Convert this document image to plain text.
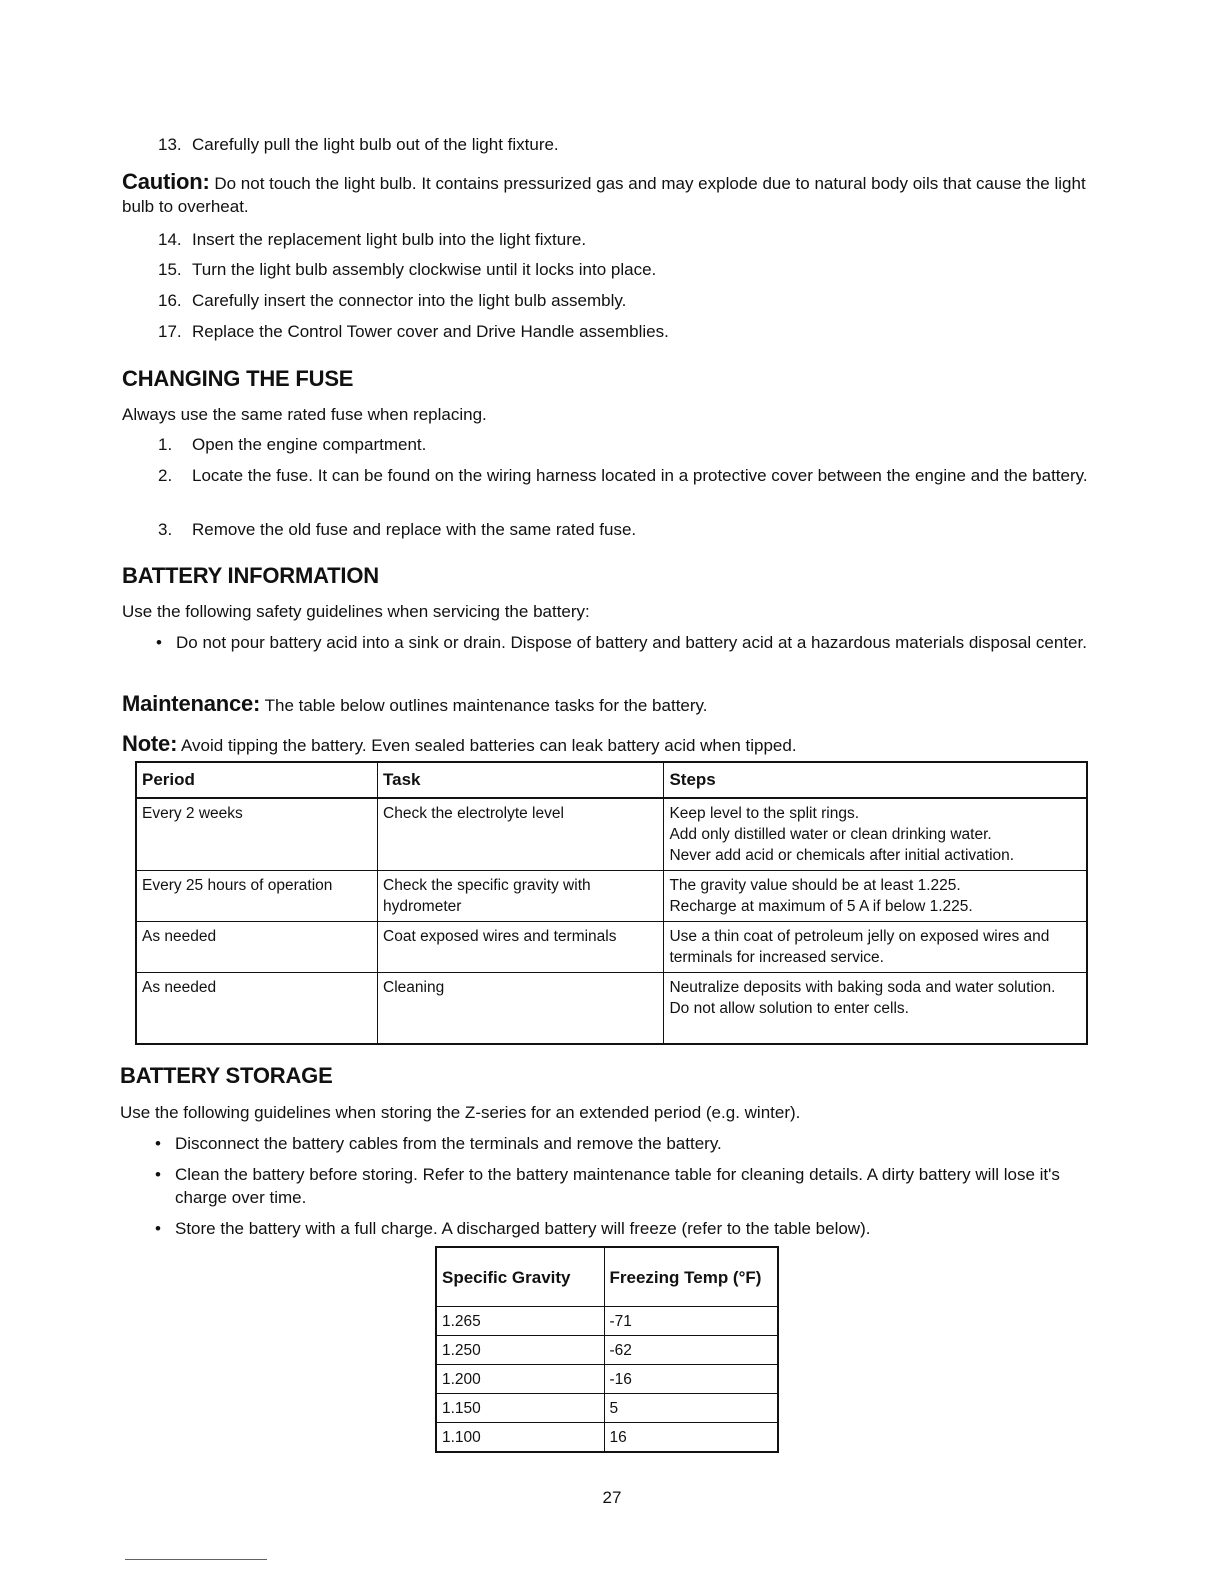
13. Carefully pull the light bulb out of the light fixture.
Caution: Do not touch the light bulb. It contains pressurized gas and may explode due to natural body oils that cause the light bulb to overheat.
14. Insert the replacement light bulb into the light fixture.
15. Turn the light bulb assembly clockwise until it locks into place.
16. Carefully insert the connector into the light bulb assembly.
17. Replace the Control Tower cover and Drive Handle assemblies.
CHANGING THE FUSE
Always use the same rated fuse when replacing.
1.	Open the engine compartment.
2.	Locate the fuse. It can be found on the wiring harness located in a protective cover between the engine and the battery.
3.	Remove the old fuse and replace with the same rated fuse.
BATTERY INFORMATION
Use the following safety guidelines when servicing the battery:
• Do not pour battery acid into a sink or drain. Dispose of battery and battery acid at a hazardous materials disposal center.
Maintenance: The table below outlines maintenance tasks for the battery.
Note: Avoid tipping the battery. Even sealed batteries can leak battery acid when tipped.
Period	Task	Steps
Every 2 weeks	Check the electrolyte level	Keep level to the split rings.
Add only distilled water or clean drinking water.
Never add acid or chemicals after initial activation.

Every 25 hours of operation	Check the specific gravity with hydrometer	The gravity value should be at least 1.225.
Recharge at maximum of 5 A if below 1.225.

As needed	Coat exposed wires and terminals	Use a thin coat of petroleum jelly on exposed wires and terminals for increased service.

As needed	Cleaning	Neutralize deposits with baking soda and water solution.
Do not allow solution to enter cells.
BATTERY STORAGE
Use the following guidelines when storing the Z-series for an extended period (e.g. winter).
• Disconnect the battery cables from the terminals and remove the battery.
• Clean the battery before storing. Refer to the battery maintenance table for cleaning details. A dirty battery will lose it's charge over time.
• Store the battery with a full charge. A discharged battery will freeze (refer to the table below).
Specific Gravity	Freezing Temp (°F)
1.265	-71
1.250	-62
1.200	-16
1.150	5
1.100	16
27
